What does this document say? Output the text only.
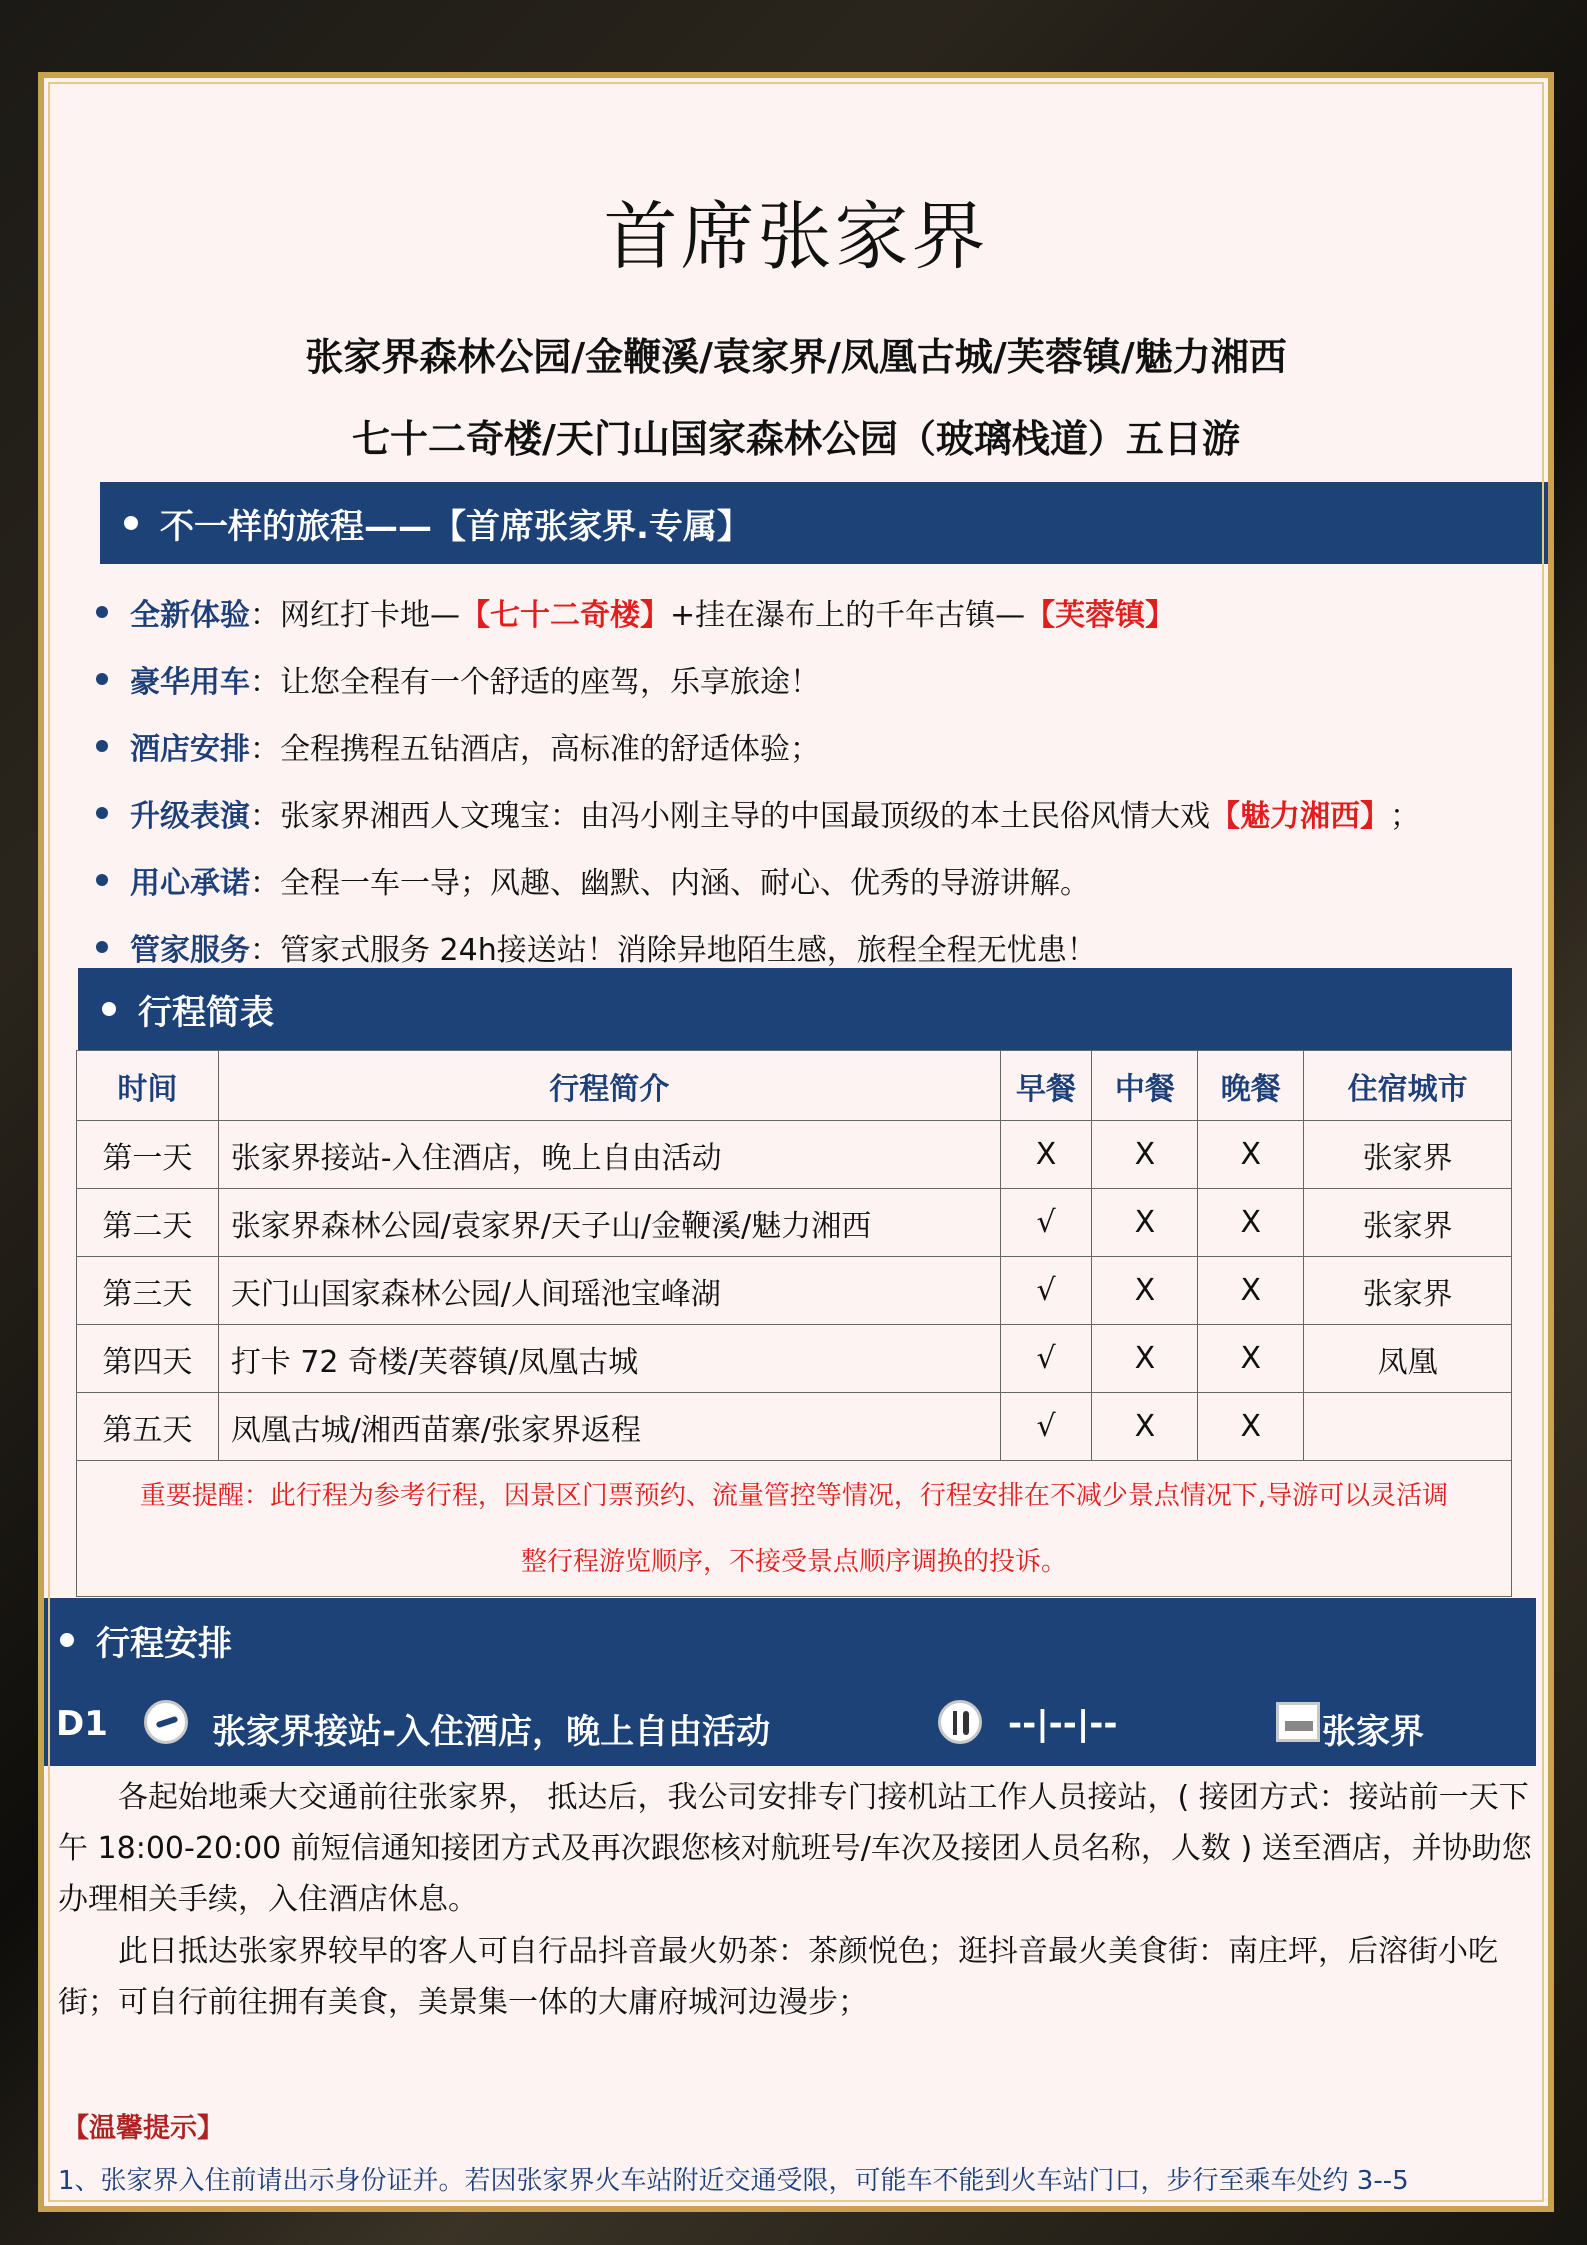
首席张家界
张家界森林公园/金鞭溪/袁家界/凤凰古城/芙蓉镇/魅力湘西
七十二奇楼/天门山国家森林公园（玻璃栈道）五日游
不一样的旅程——【首席张家界.专属】
全新体验 ：网红打卡地— 【七十二奇楼】 +挂在瀑布上的千年古镇— 【芙蓉镇】
豪华用车 ：让您全程有一个舒适的座驾，乐享旅途！
酒店安排 ：全程携程五钻酒店，高标准的舒适体验；
升级表演 ：张家界湘西人文瑰宝：由冯小刚主导的中国最顶级的本土民俗风情大戏 【魅力湘西】 ；
用心承诺 ：全程一车一导；风趣、幽默、内涵、耐心、优秀的导游讲解。
管家服务 ：管家式服务 24h接送站！消除异地陌生感，旅程全程无忧患！
行程简表
时间	行程简介	早餐	中餐	晚餐	住宿城市
第一天	张家界接站-入住酒店，晚上自由活动	X	X	X	张家界
第二天	张家界森林公园/袁家界/天子山/金鞭溪/魅力湘西	√	X	X	张家界
第三天	天门山国家森林公园/人间瑶池宝峰湖	√	X	X	张家界
第四天	打卡 72 奇楼/芙蓉镇/凤凰古城	√	X	X	凤凰
第五天	凤凰古城/湘西苗寨/张家界返程	√	X	X	

重要提醒：此行程为参考行程，因景区门票预约、流量管控等情况，行程安排在不减少景点情况下,导游可以灵活调
整行程游览顺序，不接受景点顺序调换的投诉。					
行程安排
D1	张家界接站-入住酒店，晚上自由活动	--|--|--	张家界

各起始地乘大交通前往张家界， 抵达后，我公司安排专门接机站工作人员接站，( 接团方式：接站前一天下午 18:00-20:00 前短信通知接团方式及再次跟您核对航班号/车次及接团人员名称，人数 ) 送至酒店，并协助您办理相关手续，入住酒店休息。

此日抵达张家界较早的客人可自行品抖音最火奶茶：茶颜悦色；逛抖音最火美食街：南庄坪，后溶街小吃街；可自行前往拥有美食，美景集一体的大庸府城河边漫步；

【温馨提示】
1、张家界入住前请出示身份证并。若因张家界火车站附近交通受限，可能车不能到火车站门口，步行至乘车处约 3--5
